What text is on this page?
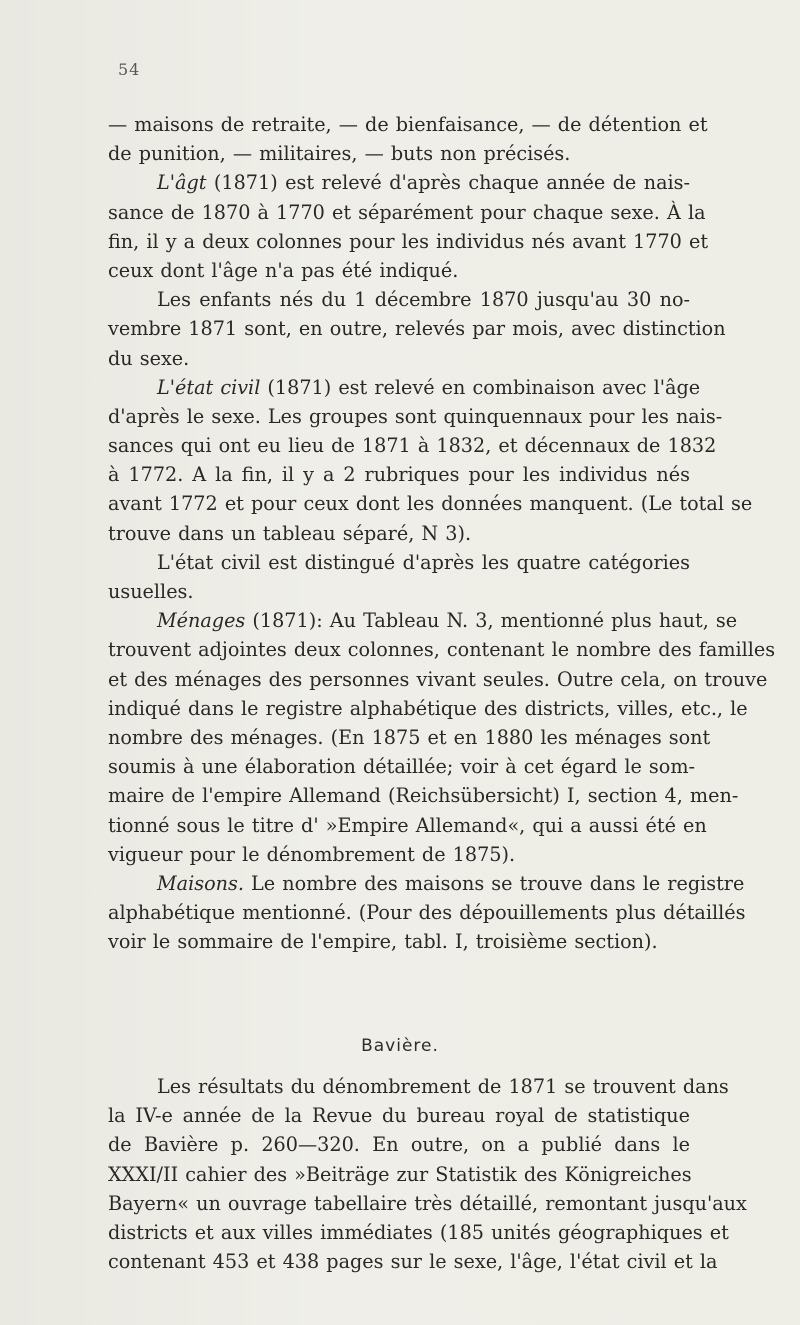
54
— maisons de retraite, — de bienfaisance, — de détention et
de punition, — militaires, — buts non précisés.
L'âgt (1871) est relevé d'après chaque année de nais-
sance de 1870 à 1770 et séparément pour chaque sexe. À la
fin, il y a deux colonnes pour les individus nés avant 1770 et
ceux dont l'âge n'a pas été indiqué.
Les enfants nés du 1 décembre 1870 jusqu'au 30 no-
vembre 1871 sont, en outre, relevés par mois, avec distinction
du sexe.
L'état civil (1871) est relevé en combinaison avec l'âge
d'après le sexe. Les groupes sont quinquennaux pour les nais-
sances qui ont eu lieu de 1871 à 1832, et décennaux de 1832
à 1772. A la fin, il y a 2 rubriques pour les individus nés
avant 1772 et pour ceux dont les données manquent. (Le total se
trouve dans un tableau séparé, N 3).
L'état civil est distingué d'après les quatre catégories
usuelles.
Ménages (1871): Au Tableau N. 3, mentionné plus haut, se
trouvent adjointes deux colonnes, contenant le nombre des familles
et des ménages des personnes vivant seules. Outre cela, on trouve
indiqué dans le registre alphabétique des districts, villes, etc., le
nombre des ménages. (En 1875 et en 1880 les ménages sont
soumis à une élaboration détaillée; voir à cet égard le som-
maire de l'empire Allemand (Reichsübersicht) I, section 4, men-
tionné sous le titre d' »Empire Allemand«, qui a aussi été en
vigueur pour le dénombrement de 1875).
Maisons. Le nombre des maisons se trouve dans le registre
alphabétique mentionné. (Pour des dépouillements plus détaillés
voir le sommaire de l'empire, tabl. I, troisième section).
Bavière.
Les résultats du dénombrement de 1871 se trouvent dans
la IV-e année de la Revue du bureau royal de statistique
de Bavière p. 260—320. En outre, on a publié dans le
XXXI/II cahier des »Beiträge zur Statistik des Königreiches
Bayern« un ouvrage tabellaire très détaillé, remontant jusqu'aux
districts et aux villes immédiates (185 unités géographiques et
contenant 453 et 438 pages sur le sexe, l'âge, l'état civil et la
